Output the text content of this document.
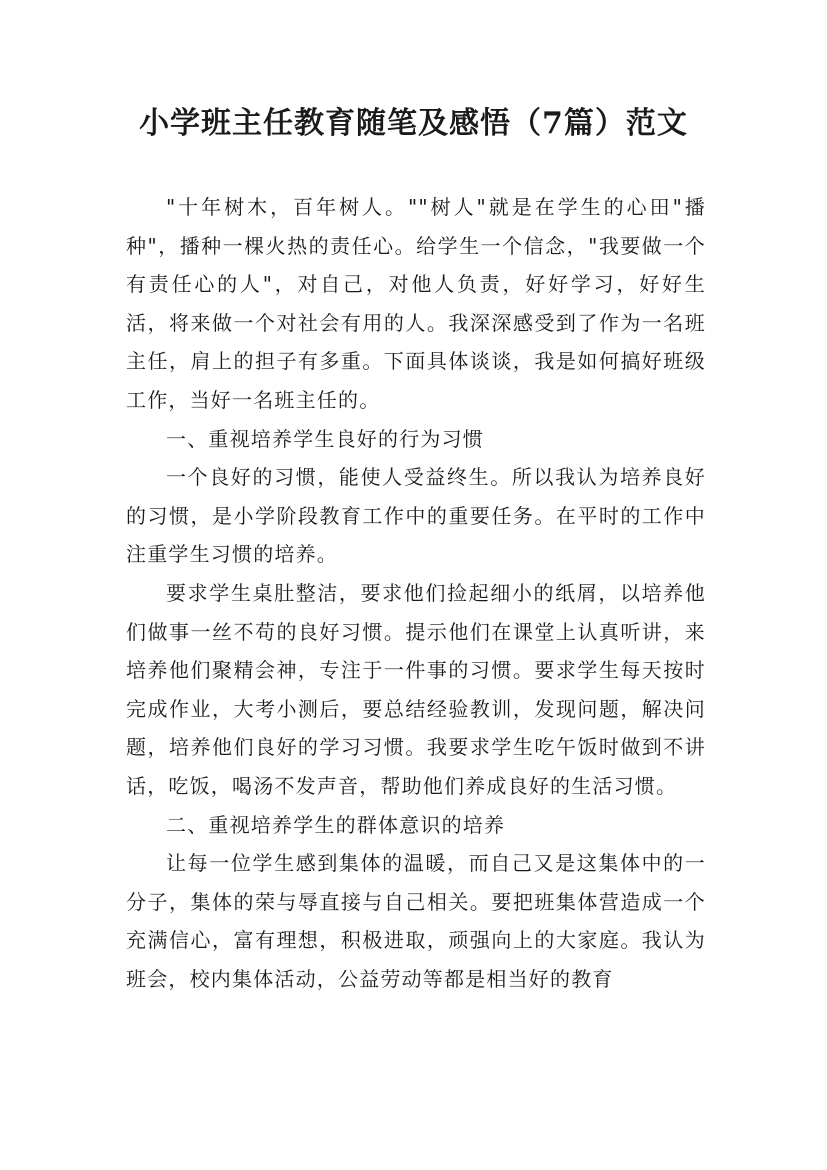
小学班主任教育随笔及感悟（7篇）范文

"十年树木，百年树人。""树人"就是在学生的心田"播种"，播种一棵火热的责任心。给学生一个信念，"我要做一个有责任心的人"，对自己，对他人负责，好好学习，好好生活，将来做一个对社会有用的人。我深深感受到了作为一名班主任，肩上的担子有多重。下面具体谈谈，我是如何搞好班级工作，当好一名班主任的。

一、重视培养学生良好的行为习惯

一个良好的习惯，能使人受益终生。所以我认为培养良好的习惯，是小学阶段教育工作中的重要任务。在平时的工作中注重学生习惯的培养。

要求学生桌肚整洁，要求他们捡起细小的纸屑，以培养他们做事一丝不苟的良好习惯。提示他们在课堂上认真听讲，来培养他们聚精会神，专注于一件事的习惯。要求学生每天按时完成作业，大考小测后，要总结经验教训，发现问题，解决问题，培养他们良好的学习习惯。我要求学生吃午饭时做到不讲话，吃饭，喝汤不发声音，帮助他们养成良好的生活习惯。

二、重视培养学生的群体意识的培养

让每一位学生感到集体的温暖，而自己又是这集体中的一分子，集体的荣与辱直接与自己相关。要把班集体营造成一个充满信心，富有理想，积极进取，顽强向上的大家庭。我认为班会，校内集体活动，公益劳动等都是相当好的教育
